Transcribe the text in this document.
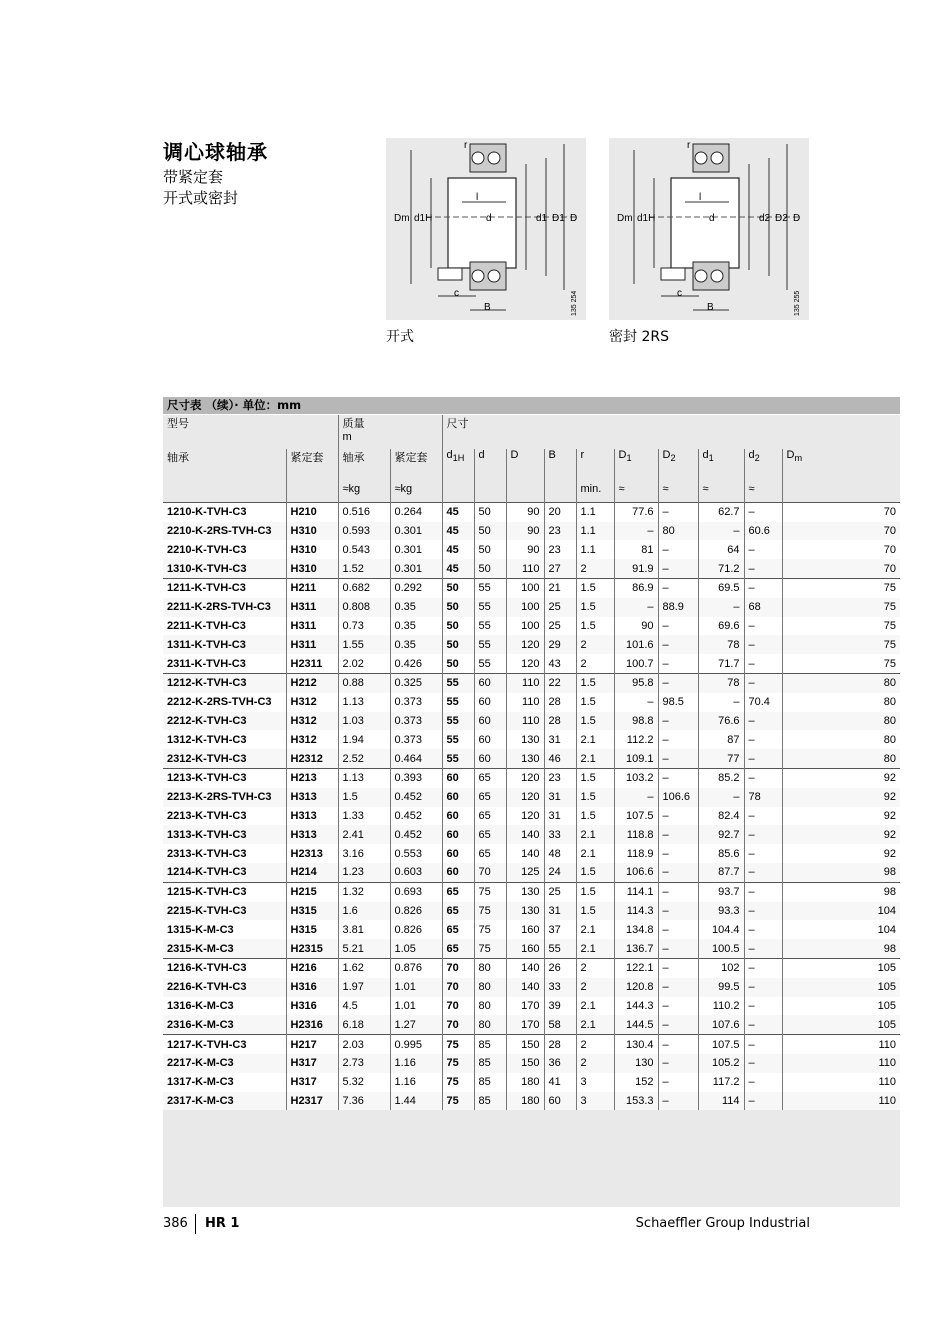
调心球轴承
带紧定套
开式或密封
Dm d1H	d	d1 D1 D
l
c
B
r
135 254
开式
Dm d1H	d	d2 D2 D
l
c
B
r
135 255
密封 2RS
尺寸表 （续）· 单位：mm
型号		质量
m		尺寸									
轴承	紧定套	轴承	紧定套	$d_{1H}$	d	D	B	r	$D_1$	$D_2$	$d_1$	$d_2$	$D_m$
		≈kg	≈kg					min.	≈	≈	≈	≈	
1210-K-TVH-C3	H210	0.516	0.264	45	50	90	20	1.1	77.6	–	62.7	–	70
2210-K-2RS-TVH-C3	H310	0.593	0.301	45	50	90	23	1.1	–	80	–	60.6	70
2210-K-TVH-C3	H310	0.543	0.301	45	50	90	23	1.1	81	–	64	–	70
1310-K-TVH-C3	H310	1.52	0.301	45	50	110	27	2	91.9	–	71.2	–	70
1211-K-TVH-C3	H211	0.682	0.292	50	55	100	21	1.5	86.9	–	69.5	–	75
2211-K-2RS-TVH-C3	H311	0.808	0.35	50	55	100	25	1.5	–	88.9	–	68	75
2211-K-TVH-C3	H311	0.73	0.35	50	55	100	25	1.5	90	–	69.6	–	75
1311-K-TVH-C3	H311	1.55	0.35	50	55	120	29	2	101.6	–	78	–	75
2311-K-TVH-C3	H2311	2.02	0.426	50	55	120	43	2	100.7	–	71.7	–	75
1212-K-TVH-C3	H212	0.88	0.325	55	60	110	22	1.5	95.8	–	78	–	80
2212-K-2RS-TVH-C3	H312	1.13	0.373	55	60	110	28	1.5	–	98.5	–	70.4	80
2212-K-TVH-C3	H312	1.03	0.373	55	60	110	28	1.5	98.8	–	76.6	–	80
1312-K-TVH-C3	H312	1.94	0.373	55	60	130	31	2.1	112.2	–	87	–	80
2312-K-TVH-C3	H2312	2.52	0.464	55	60	130	46	2.1	109.1	–	77	–	80
1213-K-TVH-C3	H213	1.13	0.393	60	65	120	23	1.5	103.2	–	85.2	–	92
2213-K-2RS-TVH-C3	H313	1.5	0.452	60	65	120	31	1.5	–	106.6	–	78	92
2213-K-TVH-C3	H313	1.33	0.452	60	65	120	31	1.5	107.5	–	82.4	–	92
1313-K-TVH-C3	H313	2.41	0.452	60	65	140	33	2.1	118.8	–	92.7	–	92
2313-K-TVH-C3	H2313	3.16	0.553	60	65	140	48	2.1	118.9	–	85.6	–	92
1214-K-TVH-C3	H214	1.23	0.603	60	70	125	24	1.5	106.6	–	87.7	–	98
1215-K-TVH-C3	H215	1.32	0.693	65	75	130	25	1.5	114.1	–	93.7	–	98
2215-K-TVH-C3	H315	1.6	0.826	65	75	130	31	1.5	114.3	–	93.3	–	104
1315-K-M-C3	H315	3.81	0.826	65	75	160	37	2.1	134.8	–	104.4	–	104
2315-K-M-C3	H2315	5.21	1.05	65	75	160	55	2.1	136.7	–	100.5	–	98
1216-K-TVH-C3	H216	1.62	0.876	70	80	140	26	2	122.1	–	102	–	105
2216-K-TVH-C3	H316	1.97	1.01	70	80	140	33	2	120.8	–	99.5	–	105
1316-K-M-C3	H316	4.5	1.01	70	80	170	39	2.1	144.3	–	110.2	–	105
2316-K-M-C3	H2316	6.18	1.27	70	80	170	58	2.1	144.5	–	107.6	–	105
1217-K-TVH-C3	H217	2.03	0.995	75	85	150	28	2	130.4	–	107.5	–	110
2217-K-M-C3	H317	2.73	1.16	75	85	150	36	2	130	–	105.2	–	110
1317-K-M-C3	H317	5.32	1.16	75	85	180	41	3	152	–	117.2	–	110
2317-K-M-C3	H2317	7.36	1.44	75	85	180	60	3	153.3	–	114	–	110
386 HR 1	Schaeffler Group Industrial
